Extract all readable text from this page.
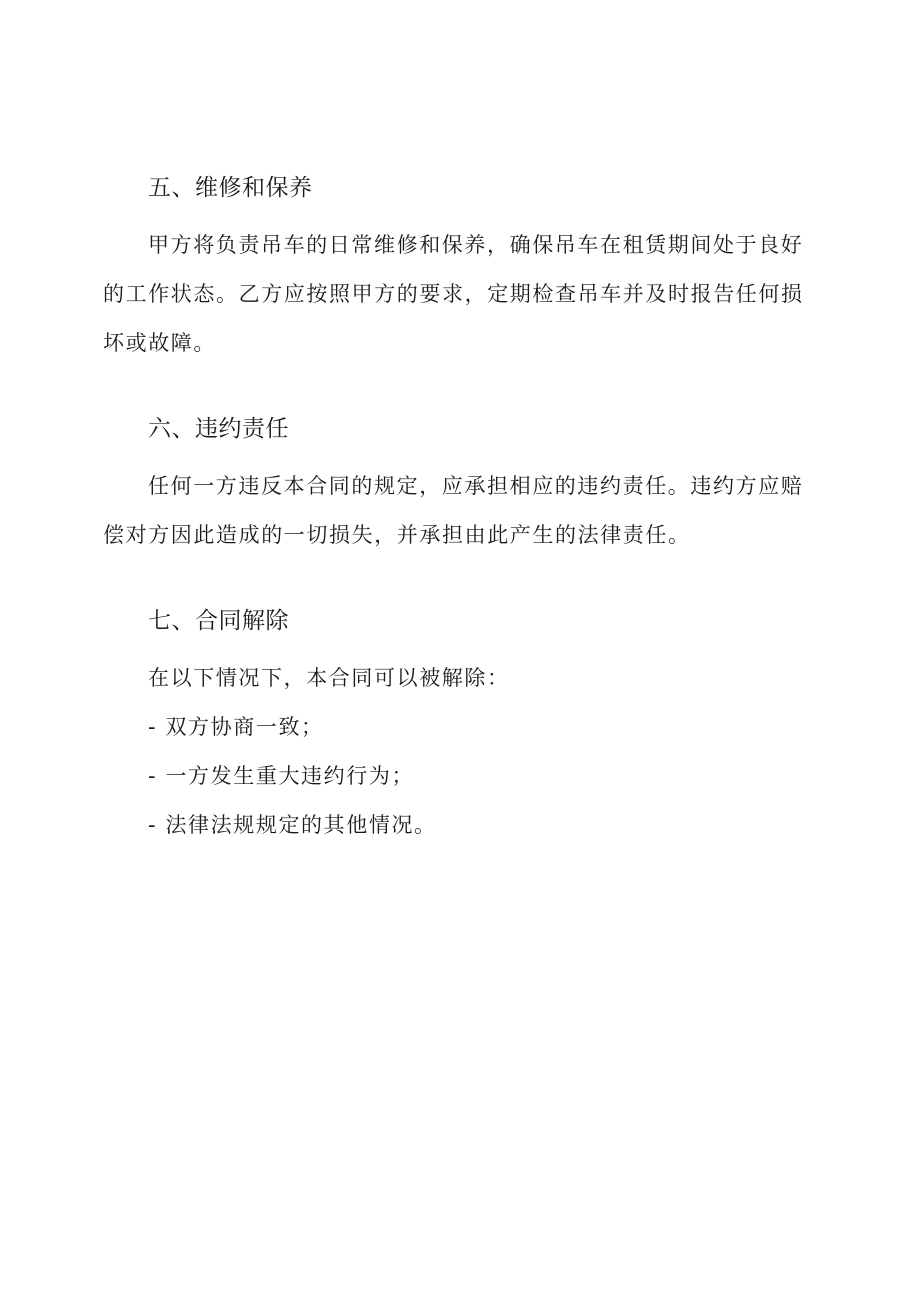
五、维修和保养
甲方将负责吊车的日常维修和保养，确保吊车在租赁期间处于良好
的工作状态。乙方应按照甲方的要求，定期检查吊车并及时报告任何损
坏或故障。
六、违约责任
任何一方违反本合同的规定，应承担相应的违约责任。违约方应赔
偿对方因此造成的一切损失，并承担由此产生的法律责任。
七、合同解除
在以下情况下，本合同可以被解除：
- 双方协商一致；
- 一方发生重大违约行为；
- 法律法规规定的其他情况。
